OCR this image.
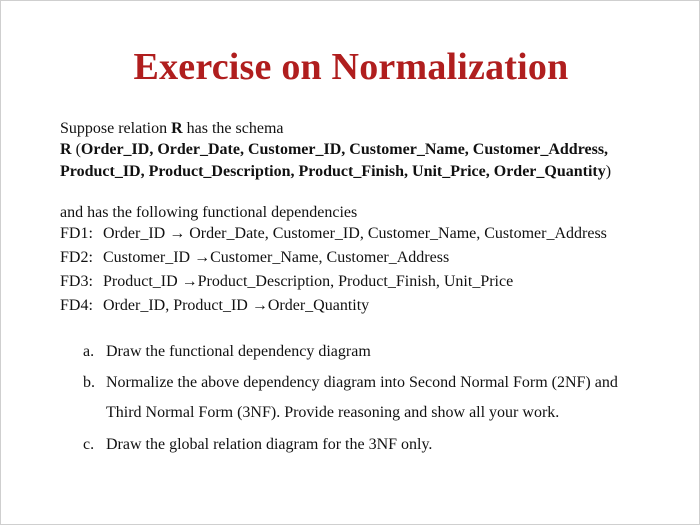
Exercise on Normalization
Suppose relation R has the schema
R (Order_ID, Order_Date, Customer_ID, Customer_Name, Customer_Address,
Product_ID, Product_Description, Product_Finish, Unit_Price, Order_Quantity)
and has the following functional dependencies
FD1: Order_ID → Order_Date, Customer_ID, Customer_Name, Customer_Address
FD2: Customer_ID →Customer_Name, Customer_Address
FD3: Product_ID →Product_Description, Product_Finish, Unit_Price
FD4: Order_ID, Product_ID →Order_Quantity
a. Draw the functional dependency diagram
b. Normalize the above dependency diagram into Second Normal Form (2NF) and
Third Normal Form (3NF). Provide reasoning and show all your work.
c. Draw the global relation diagram for the 3NF only.
